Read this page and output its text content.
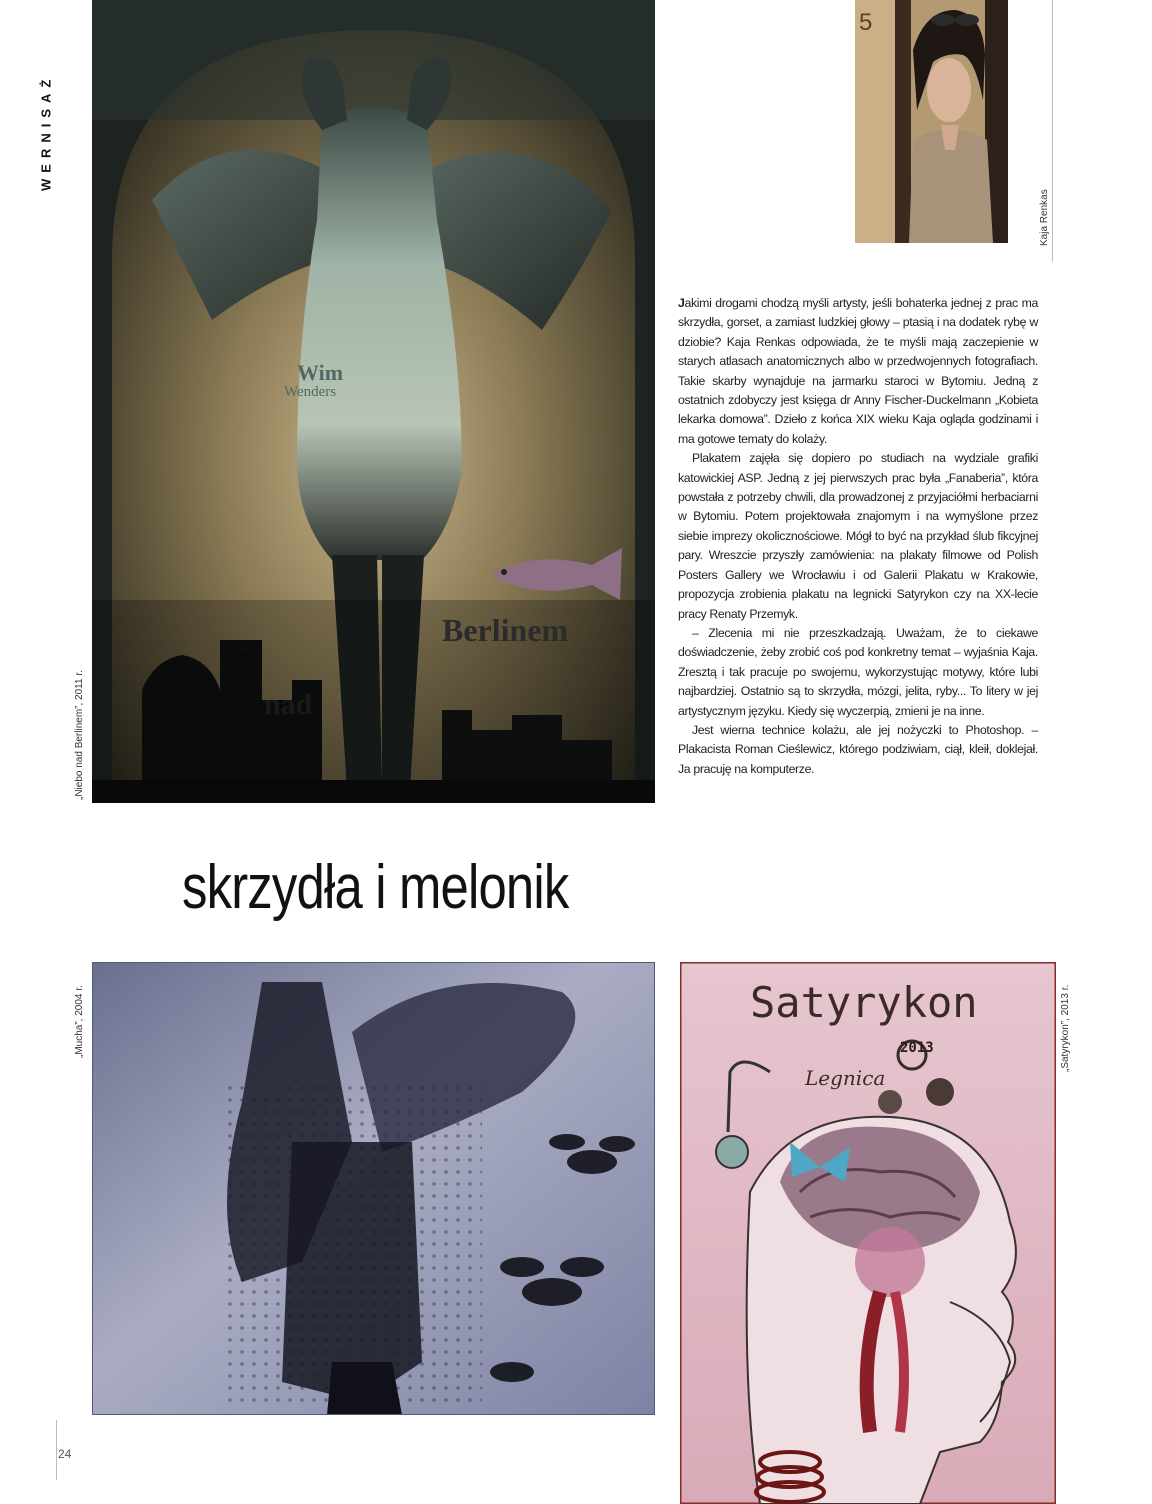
WERNISAŻ
Wim
Wenders
Berlinem
Niebo
nad
„Niebo nad Berlinem”, 2011 r.
5
Kaja Renkas

Jakimi drogami chodzą myśli artysty, jeśli bohaterka jednej z prac ma skrzydła, gorset, a zamiast ludzkiej głowy – ptasią i na dodatek rybę w dziobie? Kaja Renkas odpowiada, że te myśli mają zaczepienie w starych atlasach anatomicznych albo w przedwojennych fotografiach. Takie skarby wynajduje na jarmarku staroci w Bytomiu. Jedną z ostatnich zdobyczy jest księga dr Anny Fischer-Duckelmann „Kobieta lekarka domowa”. Dzieło z końca XIX wieku Kaja ogląda godzinami i ma gotowe tematy do kolaży.

Plakatem zajęła się dopiero po studiach na wydziale grafiki katowickiej ASP. Jedną z jej pierwszych prac była „Fanaberia”, która powstała z potrzeby chwili, dla prowadzonej z przyjaciółmi herbaciarni w Bytomiu. Potem projektowała znajomym i na wymyślone przez siebie imprezy okolicznościowe. Mógł to być na przykład ślub fikcyjnej pary. Wreszcie przyszły zamówienia: na plakaty filmowe od Polish Posters Gallery we Wrocławiu i od Galerii Plakatu w Krakowie, propozycja zrobienia plakatu na legnicki Satyrykon czy na XX-lecie pracy Renaty Przemyk.

– Zlecenia mi nie przeszkadzają. Uważam, że to ciekawe doświadczenie, żeby zrobić coś pod konkretny temat – wyjaśnia Kaja. Zresztą i tak pracuje po swojemu, wykorzystując motywy, które lubi najbardziej. Ostatnio są to skrzydła, mózgi, jelita, ryby... To litery w jej artystycznym języku. Kiedy się wyczerpią, zmieni je na inne.

Jest wierna technice kolażu, ale jej nożyczki to Photoshop. – Plakacista Roman Cieślewicz, którego podziwiam, ciął, kleił, doklejał. Ja pracuję na komputerze.

skrzydła i melonik
„Mucha”, 2004 r.	Satyrykon
2013
Legnica
„Satyrykon”, 2013 r.
24
